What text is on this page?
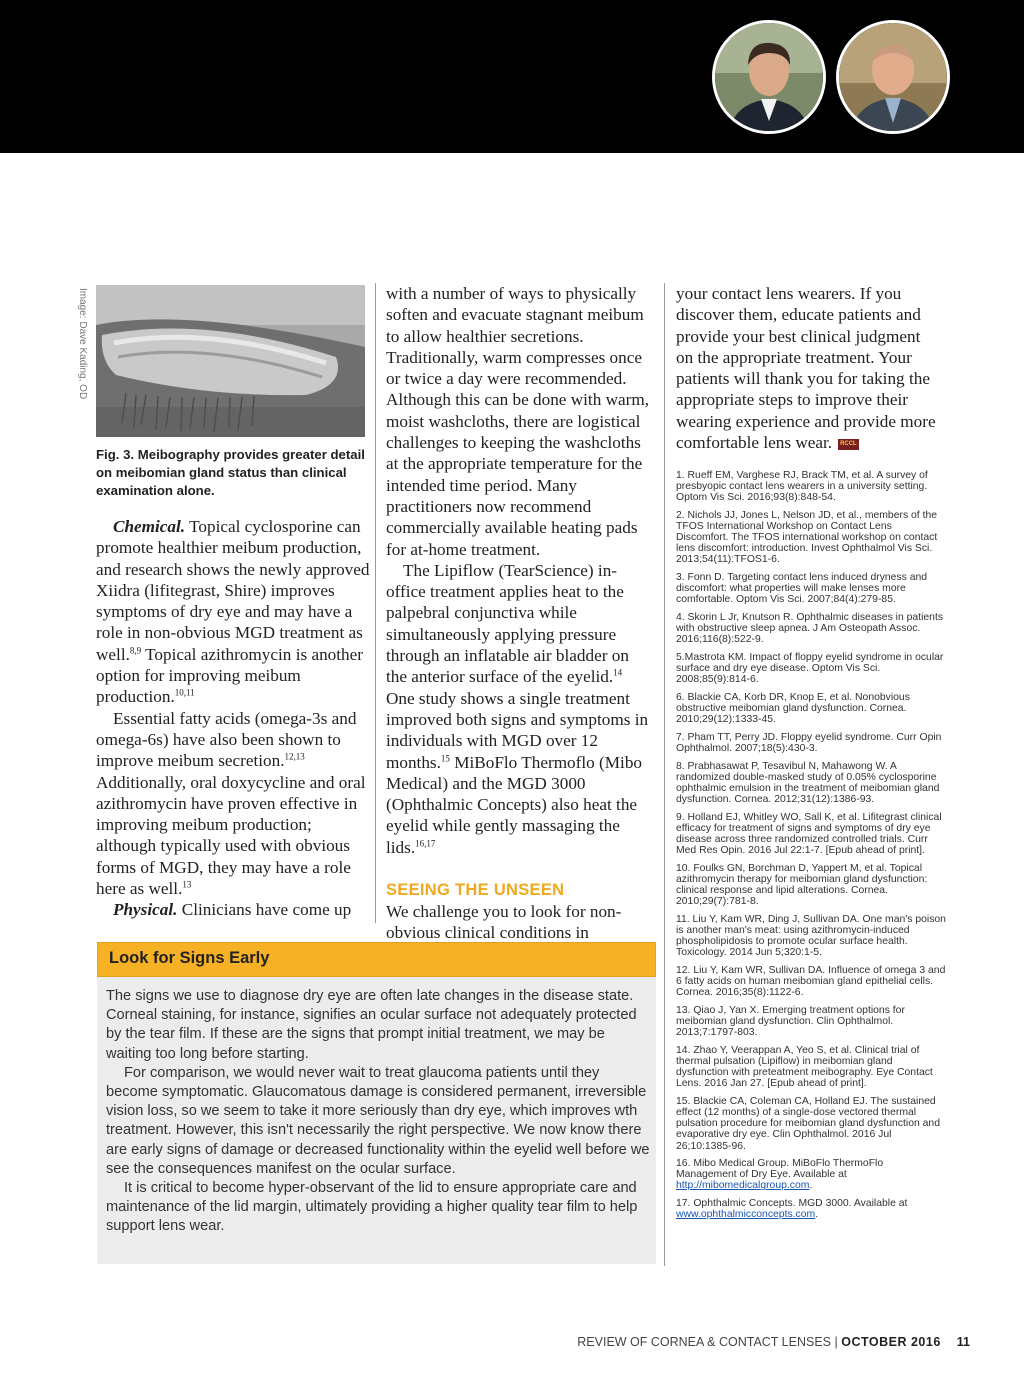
Image: Dave Kading, OD

Fig. 3. Meibography provides greater detail on meibomian gland status than clinical examination alone.

Chemical. Topical cyclosporine can promote healthier meibum production, and research shows the newly approved Xiidra (lifitegrast, Shire) improves symptoms of dry eye and may have a role in non-obvious MGD treatment as well.$^{8,9}$ Topical azithromycin is another option for improving meibum production.$^{10,11}$

Essential fatty acids (omega-3s and omega-6s) have also been shown to improve meibum secretion.$^{12,13}$ Additionally, oral doxycycline and oral azithromycin have proven effective in improving meibum production; although typically used with obvious forms of MGD, they may have a role here as well.$^{13}$

Physical. Clinicians have come up

with a number of ways to physically soften and evacuate stagnant meibum to allow healthier secretions. Traditionally, warm compresses once or twice a day were recommended. Although this can be done with warm, moist washcloths, there are logistical challenges to keeping the washcloths at the appropriate temperature for the intended time period. Many practitioners now recommend commercially available heating pads for at-home treatment.

The Lipiflow (TearScience) in-office treatment applies heat to the palpebral conjunctiva while simultaneously applying pressure through an inflatable air bladder on the anterior surface of the eyelid.$^{14}$ One study shows a single treatment improved both signs and symptoms in individuals with MGD over 12 months.$^{15}$ MiBoFlo Thermoflo (Mibo Medical) and the MGD 3000 (Ophthalmic Concepts) also heat the eyelid while gently massaging the lids.$^{16,17}$

SEEING THE UNSEEN

We challenge you to look for non-obvious clinical conditions in

your contact lens wearers. If you discover them, educate patients and provide your best clinical judgment on the appropriate treatment. Your patients will thank you for taking the appropriate steps to improve their wearing experience and provide more comfortable lens wear. RCCL

1. Rueff EM, Varghese RJ, Brack TM, et al. A survey of presbyopic contact lens wearers in a university setting. Optom Vis Sci. 2016;93(8):848-54.
2. Nichols JJ, Jones L, Nelson JD, et al., members of the TFOS International Workshop on Contact Lens Discomfort. The TFOS international workshop on contact lens discomfort: introduction. Invest Ophthalmol Vis Sci. 2013;54(11):TFOS1-6.
3. Fonn D. Targeting contact lens induced dryness and discomfort: what properties will make lenses more comfortable. Optom Vis Sci. 2007;84(4):279-85.
4. Skorin L Jr, Knutson R. Ophthalmic diseases in patients with obstructive sleep apnea. J Am Osteopath Assoc. 2016;116(8):522-9.
5.Mastrota KM. Impact of floppy eyelid syndrome in ocular surface and dry eye disease. Optom Vis Sci. 2008;85(9):814-6.
6. Blackie CA, Korb DR, Knop E, et al. Nonobvious obstructive meibomian gland dysfunction. Cornea. 2010;29(12):1333-45.
7. Pham TT, Perry JD. Floppy eyelid syndrome. Curr Opin Ophthalmol. 2007;18(5):430-3.
8. Prabhasawat P, Tesavibul N, Mahawong W. A randomized double-masked study of 0.05% cyclosporine ophthalmic emulsion in the treatment of meibomian gland dysfunction. Cornea. 2012;31(12):1386-93.
9. Holland EJ, Whitley WO, Sall K, et al. Lifitegrast clinical efficacy for treatment of signs and symptoms of dry eye disease across three randomized controlled trials. Curr Med Res Opin. 2016 Jul 22:1-7. [Epub ahead of print].
10. Foulks GN, Borchman D, Yappert M, et al. Topical azithromycin therapy for meibomian gland dysfunction: clinical response and lipid alterations. Cornea. 2010;29(7):781-8.
11. Liu Y, Kam WR, Ding J, Sullivan DA. One man's poison is another man's meat: using azithromycin-induced phospholipidosis to promote ocular surface health. Toxicology. 2014 Jun 5;320:1-5.
12. Liu Y, Kam WR, Sullivan DA. Influence of omega 3 and 6 fatty acids on human meibomian gland epithelial cells. Cornea. 2016;35(8):1122-6.
13. Qiao J, Yan X. Emerging treatment options for meibomian gland dysfunction. Clin Ophthalmol. 2013;7:1797-803.
14. Zhao Y, Veerappan A, Yeo S, et al. Clinical trial of thermal pulsation (Lipiflow) in meibomian gland dysfunction with preteatment meibography. Eye Contact Lens. 2016 Jan 27. [Epub ahead of print].
15. Blackie CA, Coleman CA, Holland EJ. The sustained effect (12 months) of a single-dose vectored thermal pulsation procedure for meibomian gland dysfunction and evaporative dry eye. Clin Ophthalmol. 2016 Jul 26;10:1385-96.
16. Mibo Medical Group. MiBoFlo ThermoFlo Management of Dry Eye. Available at http://mibomedicalgroup.com.
17. Ophthalmic Concepts. MGD 3000. Available at www.ophthalmicconcepts.com.
Look for Signs Early

The signs we use to diagnose dry eye are often late changes in the disease state. Corneal staining, for instance, signifies an ocular surface not adequately protected by the tear film. If these are the signs that prompt initial treatment, we may be waiting too long before starting.

For comparison, we would never wait to treat glaucoma patients until they become symptomatic. Glaucomatous damage is considered permanent, irreversible vision loss, so we seem to take it more seriously than dry eye, which improves wth treatment. However, this isn't necessarily the right perspective. We now know there are early signs of damage or decreased functionality within the eyelid well before we see the consequences manifest on the ocular surface.

It is critical to become hyper-observant of the lid to ensure appropriate care and maintenance of the lid margin, ultimately providing a higher quality tear film to help support lens wear.

REVIEW OF CORNEA & CONTACT LENSES | OCTOBER 2016 11
